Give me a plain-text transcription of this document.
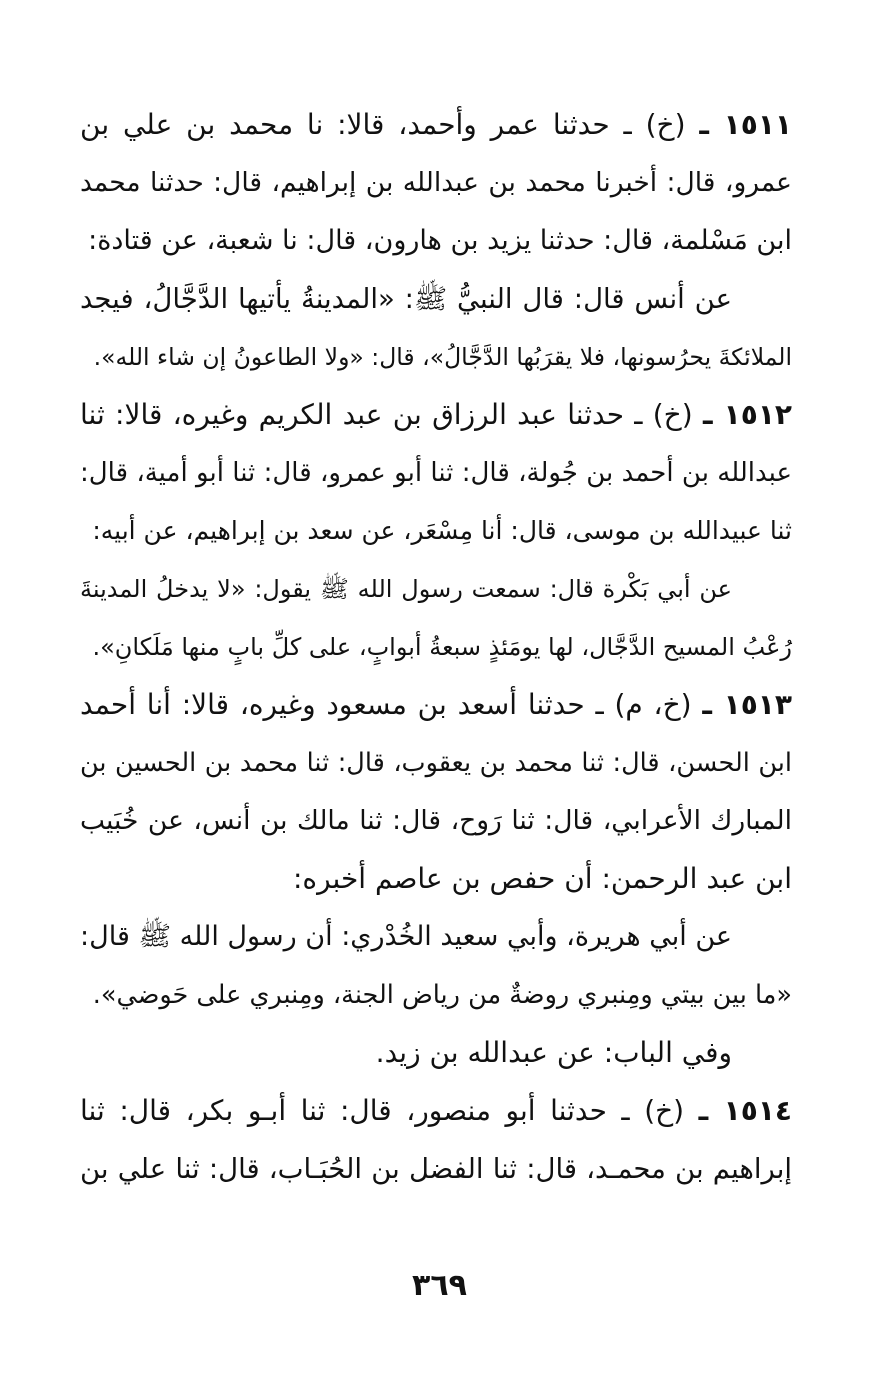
١٥١١ ـ (خ) ـ حدثنا عمر وأحمد، قالا: نا محمد بن علي بن
عمرو، قال: أخبرنا محمد بن عبدالله بن إبراهيم، قال: حدثنا محمد
ابن مَسْلمة، قال: حدثنا يزيد بن هارون، قال: نا شعبة، عن قتادة:
عن أنس قال: قال النبيُّ ﷺ: «المدينةُ يأتيها الدَّجَّالُ، فيجد
الملائكةَ يحرُسونها، فلا يقرَبُها الدَّجَّالُ»، قال: «ولا الطاعونُ إن شاء الله».
١٥١٢ ـ (خ) ـ حدثنا عبد الرزاق بن عبد الكريم وغيره، قالا: ثنا
عبدالله بن أحمد بن جُولة، قال: ثنا أبو عمرو، قال: ثنا أبو أمية، قال:
ثنا عبيدالله بن موسى، قال: أنا مِسْعَر، عن سعد بن إبراهيم، عن أبيه:
عن أبي بَكْرة قال: سمعت رسول الله ﷺ يقول: «لا يدخلُ المدينةَ
رُعْبُ المسيح الدَّجَّال، لها يومَئذٍ سبعةُ أبوابٍ، على كلِّ بابٍ منها مَلَكانِ».
١٥١٣ ـ (خ، م) ـ حدثنا أسعد بن مسعود وغيره، قالا: أنا أحمد
ابن الحسن، قال: ثنا محمد بن يعقوب، قال: ثنا محمد بن الحسين بن
المبارك الأعرابي، قال: ثنا رَوح، قال: ثنا مالك بن أنس، عن خُبَيب
ابن عبد الرحمن: أن حفص بن عاصم أخبره:
عن أبي هريرة، وأبي سعيد الخُدْري: أن رسول الله ﷺ قال:
«ما بين بيتي ومِنبري روضةٌ من رياض الجنة، ومِنبري على حَوضي».
وفي الباب: عن عبدالله بن زيد.
١٥١٤ ـ (خ) ـ حدثنا أبو منصور، قال: ثنا أبـو بكر، قال: ثنا
إبراهيم بن محمـد، قال: ثنا الفضل بن الحُبَـاب، قال: ثنا علي بن
٣٦٩
